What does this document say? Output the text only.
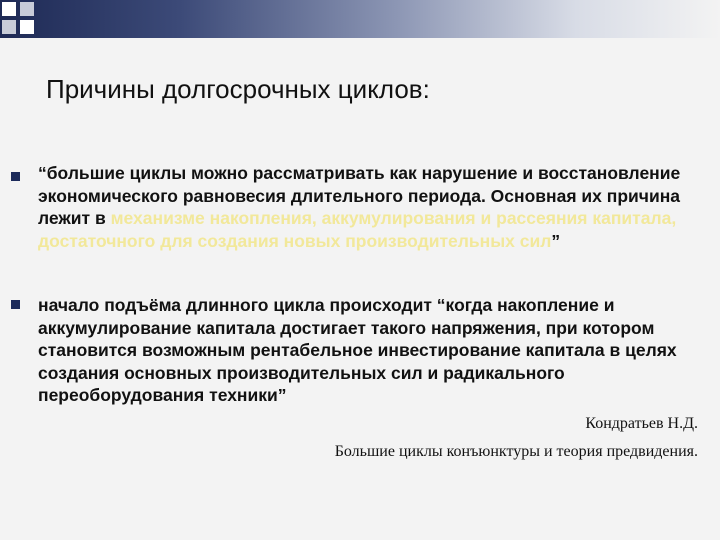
Причины долгосрочных циклов:

“большие циклы можно рассматривать как нарушение и восстановление экономического равновесия длительного периода. Основная их причина лежит в механизме накопления, аккумулирования и рассеяния капитала, достаточного для создания новых производительных сил”

начало подъёма длинного цикла происходит “когда накопление и аккумулирование капитала достигает такого напряжения, при котором становится возможным рентабельное инвестирование капитала в целях создания основных производительных сил и радикального переоборудования техники”

Кондратьев Н.Д.
Большие циклы конъюнктуры и теория предвидения.
